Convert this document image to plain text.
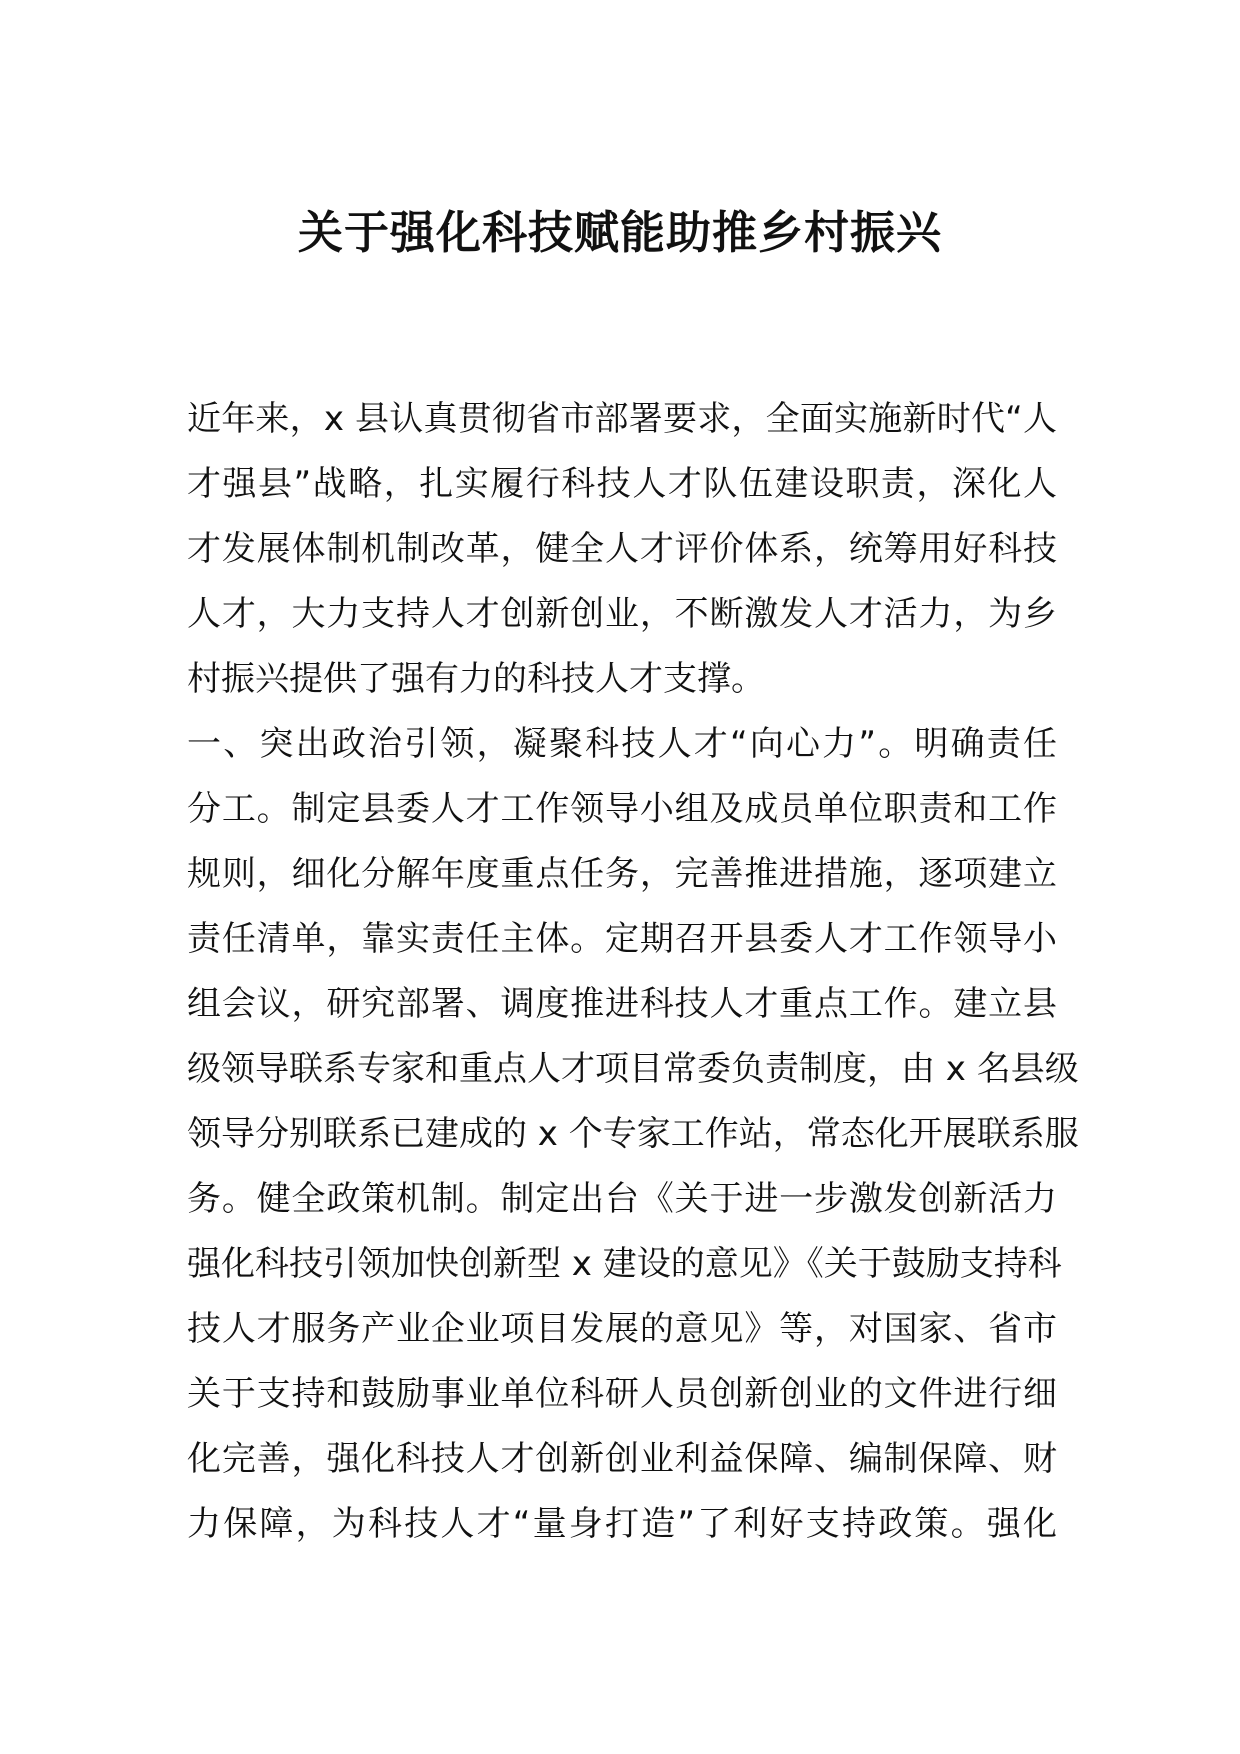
关于强化科技赋能助推乡村振兴
近年来，x 县认真贯彻省市部署要求，全面实施新时代“人
才强县”战略，扎实履行科技人才队伍建设职责，深化人
才发展体制机制改革，健全人才评价体系，统筹用好科技
人才，大力支持人才创新创业，不断激发人才活力，为乡
村振兴提供了强有力的科技人才支撑。
一、突出政治引领，凝聚科技人才“向心力”。明确责任
分工。制定县委人才工作领导小组及成员单位职责和工作
规则，细化分解年度重点任务，完善推进措施，逐项建立
责任清单，靠实责任主体。定期召开县委人才工作领导小
组会议，研究部署、调度推进科技人才重点工作。建立县
级领导联系专家和重点人才项目常委负责制度，由 x 名县级
领导分别联系已建成的 x 个专家工作站，常态化开展联系服
务。健全政策机制。制定出台《关于进一步激发创新活力
强化科技引领加快创新型 x 建设的意见》《关于鼓励支持科
技人才服务产业企业项目发展的意见》等，对国家、省市
关于支持和鼓励事业单位科研人员创新创业的文件进行细
化完善，强化科技人才创新创业利益保障、编制保障、财
力保障，为科技人才“量身打造”了利好支持政策。强化
